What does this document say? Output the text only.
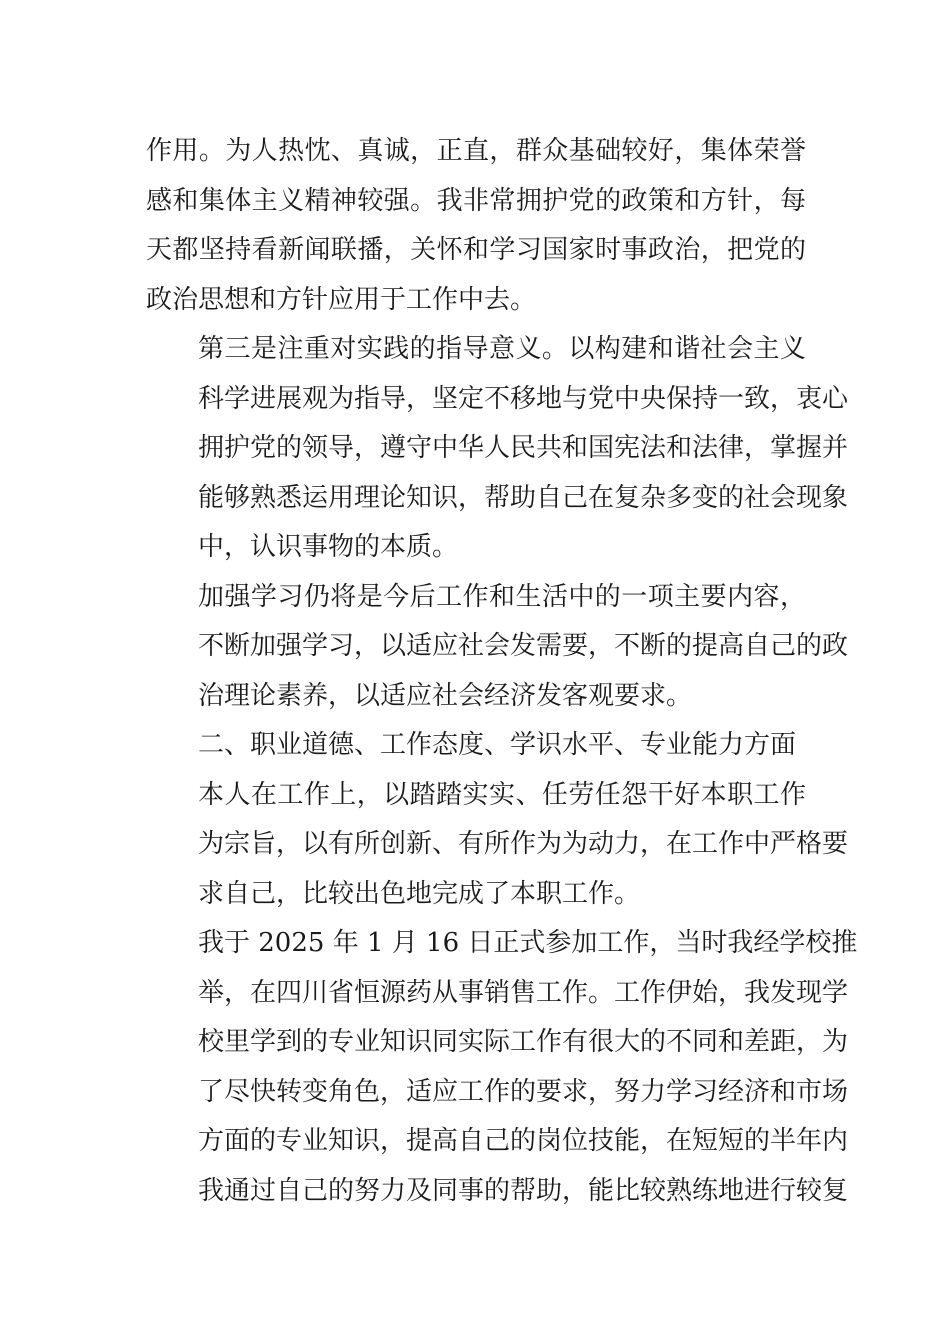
作用。为人热忱、真诚，正直，群众基础较好，集体荣誉
感和集体主义精神较强。我非常拥护党的政策和方针，每
天都坚持看新闻联播，关怀和学习国家时事政治，把党的
政治思想和方针应用于工作中去。
第三是注重对实践的指导意义。以构建和谐社会主义
科学进展观为指导，坚定不移地与党中央保持一致，衷心
拥护党的领导，遵守中华人民共和国宪法和法律，掌握并
能够熟悉运用理论知识，帮助自己在复杂多变的社会现象
中，认识事物的本质。
加强学习仍将是今后工作和生活中的一项主要内容，
不断加强学习，以适应社会发需要，不断的提高自己的政
治理论素养，以适应社会经济发客观要求。
二、职业道德、工作态度、学识水平、专业能力方面
本人在工作上，以踏踏实实、任劳任怨干好本职工作
为宗旨，以有所创新、有所作为为动力，在工作中严格要
求自己，比较出色地完成了本职工作。
我于 2025 年 1 月 16 日正式参加工作，当时我经学校推
举，在四川省恒源药从事销售工作。工作伊始，我发现学
校里学到的专业知识同实际工作有很大的不同和差距，为
了尽快转变角色，适应工作的要求，努力学习经济和市场
方面的专业知识，提高自己的岗位技能，在短短的半年内
我通过自己的努力及同事的帮助，能比较熟练地进行较复
